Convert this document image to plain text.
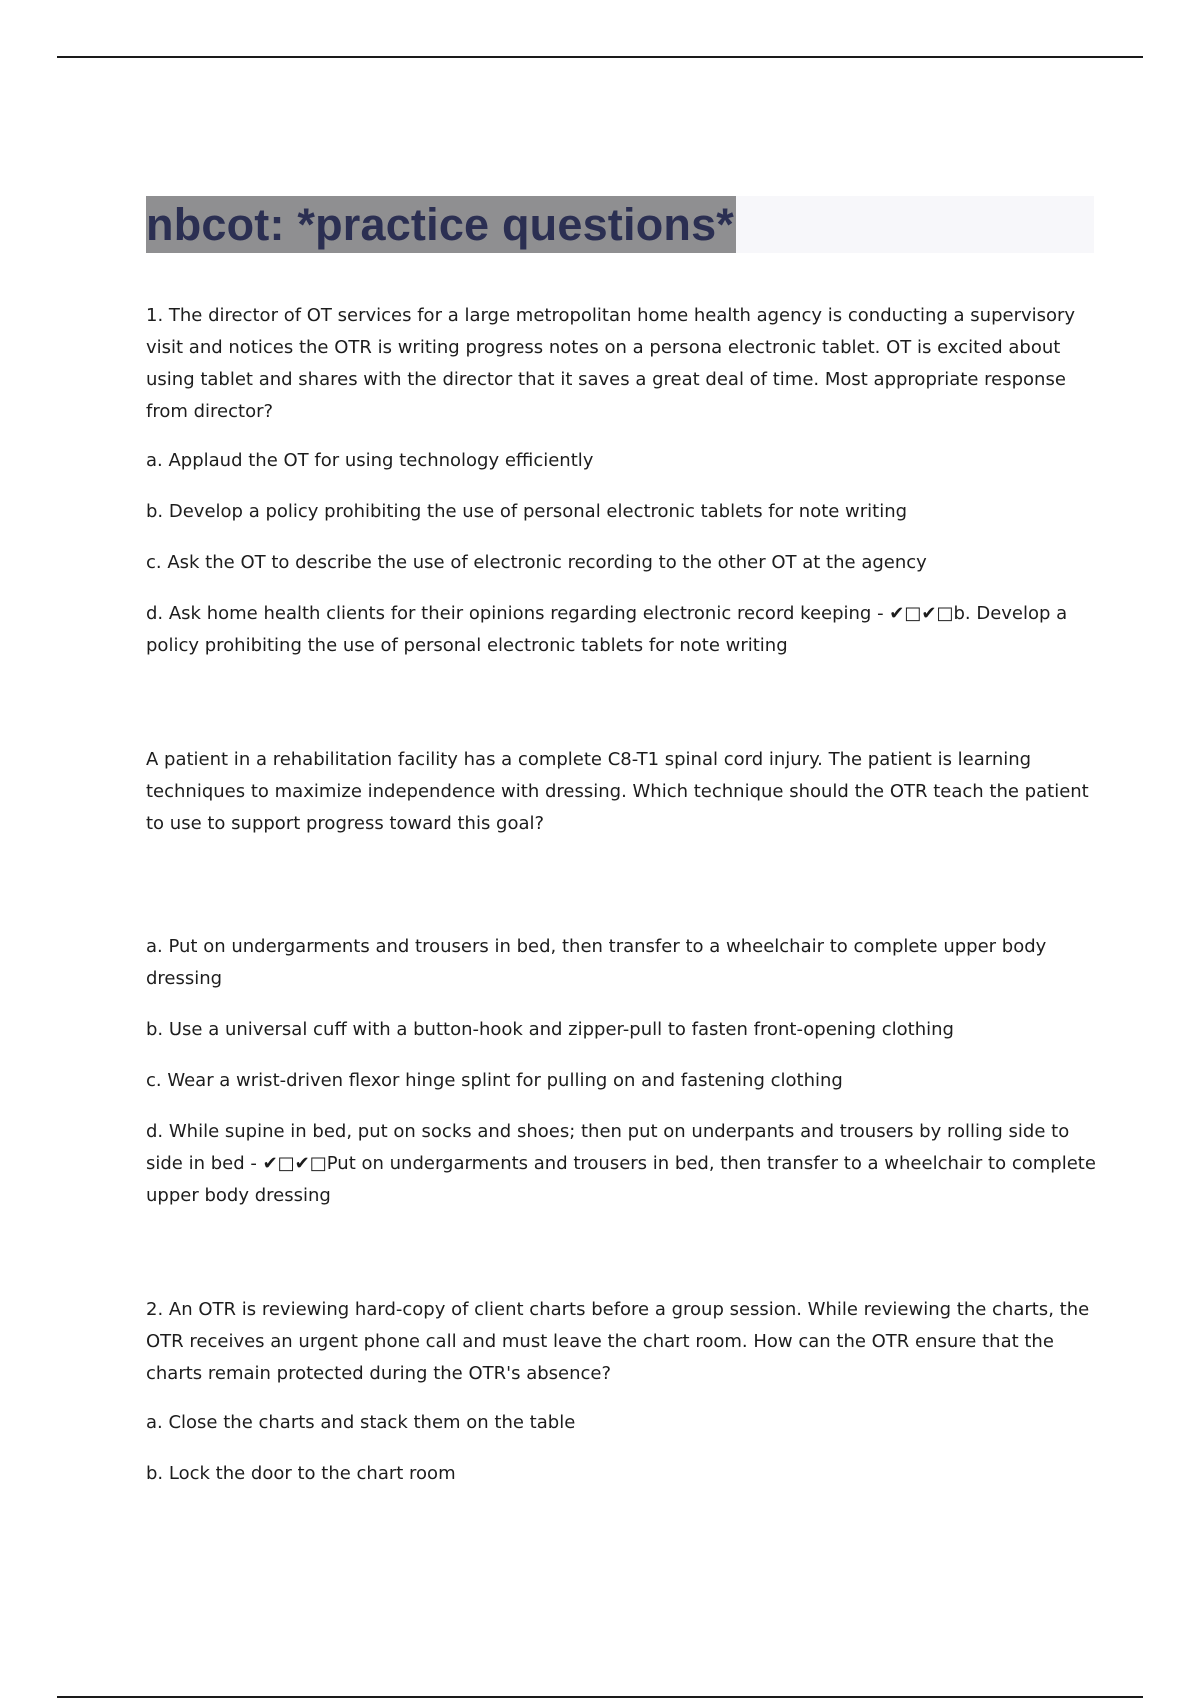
nbcot: *practice questions*

1. The director of OT services for a large metropolitan home health agency is conducting a supervisory visit and notices the OTR is writing progress notes on a persona electronic tablet. OT is excited about using tablet and shares with the director that it saves a great deal of time. Most appropriate response from director?

a. Applaud the OT for using technology efficiently

b. Develop a policy prohibiting the use of personal electronic tablets for note writing

c. Ask the OT to describe the use of electronic recording to the other OT at the agency

d. Ask home health clients for their opinions regarding electronic record keeping - ✔□✔□b. Develop a policy prohibiting the use of personal electronic tablets for note writing

A patient in a rehabilitation facility has a complete C8-T1 spinal cord injury. The patient is learning techniques to maximize independence with dressing. Which technique should the OTR teach the patient to use to support progress toward this goal?

a. Put on undergarments and trousers in bed, then transfer to a wheelchair to complete upper body dressing

b. Use a universal cuff with a button-hook and zipper-pull to fasten front-opening clothing

c. Wear a wrist-driven flexor hinge splint for pulling on and fastening clothing

d. While supine in bed, put on socks and shoes; then put on underpants and trousers by rolling side to side in bed - ✔□✔□Put on undergarments and trousers in bed, then transfer to a wheelchair to complete upper body dressing

2. An OTR is reviewing hard-copy of client charts before a group session. While reviewing the charts, the OTR receives an urgent phone call and must leave the chart room. How can the OTR ensure that the charts remain protected during the OTR's absence?

a. Close the charts and stack them on the table

b. Lock the door to the chart room
